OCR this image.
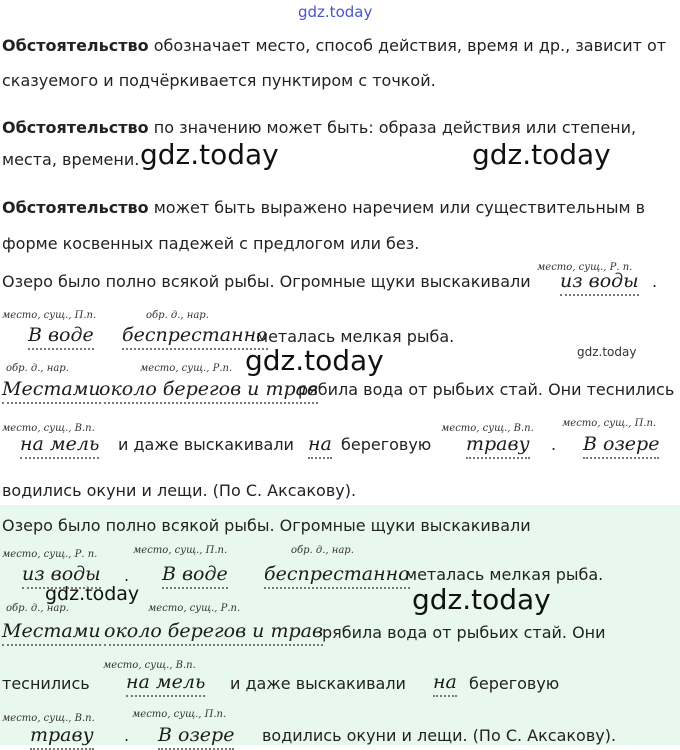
gdz.today
gdz.today	gdz.today
gdz.today	gdz.today
gdz.today	gdz.today
Обстоятельство обозначает место, способ действия, время и др., зависит от
сказуемого и подчёркивается пунктиром с точкой.
Обстоятельство по значению может быть: образа действия или степени,
места, времени.
Обстоятельство может быть выражено наречием или существительным в
форме косвенных падежей с предлогом или без.
Озеро было полно всякой рыбы. Огромные щуки выскакивали
место, сущ., Р. п.
из воды .
место, сущ., П.п.
В воде
обр. д., нар.
беспрестанно
металась мелкая рыба.
обр. д., нар.
Местами
место, сущ., Р.п.
около берегов и трав
рябила вода от рыбьих стай. Они теснились
место, сущ., В.п.
на мель и даже выскакивали на береговую
место, сущ., В.п.
траву .
место, сущ., П.п.
В озере
водились окуни и лещи. (По С. Аксакову).
Озеро было полно всякой рыбы. Огромные щуки выскакивали
место, сущ., Р. п.
из воды .
место, сущ., П.п.
В воде
обр. д., нар.
беспрестанно
металась мелкая рыба.
обр. д., нар.
Местами
место, сущ., Р.п.
около берегов и трав
рябила вода от рыбьих стай. Они
теснились
место, сущ., В.п.
на мель и даже выскакивали на береговую
место, сущ., В.п.
траву .
место, сущ., П.п.
В озере водились окуни и лещи. (По С. Аксакову).
